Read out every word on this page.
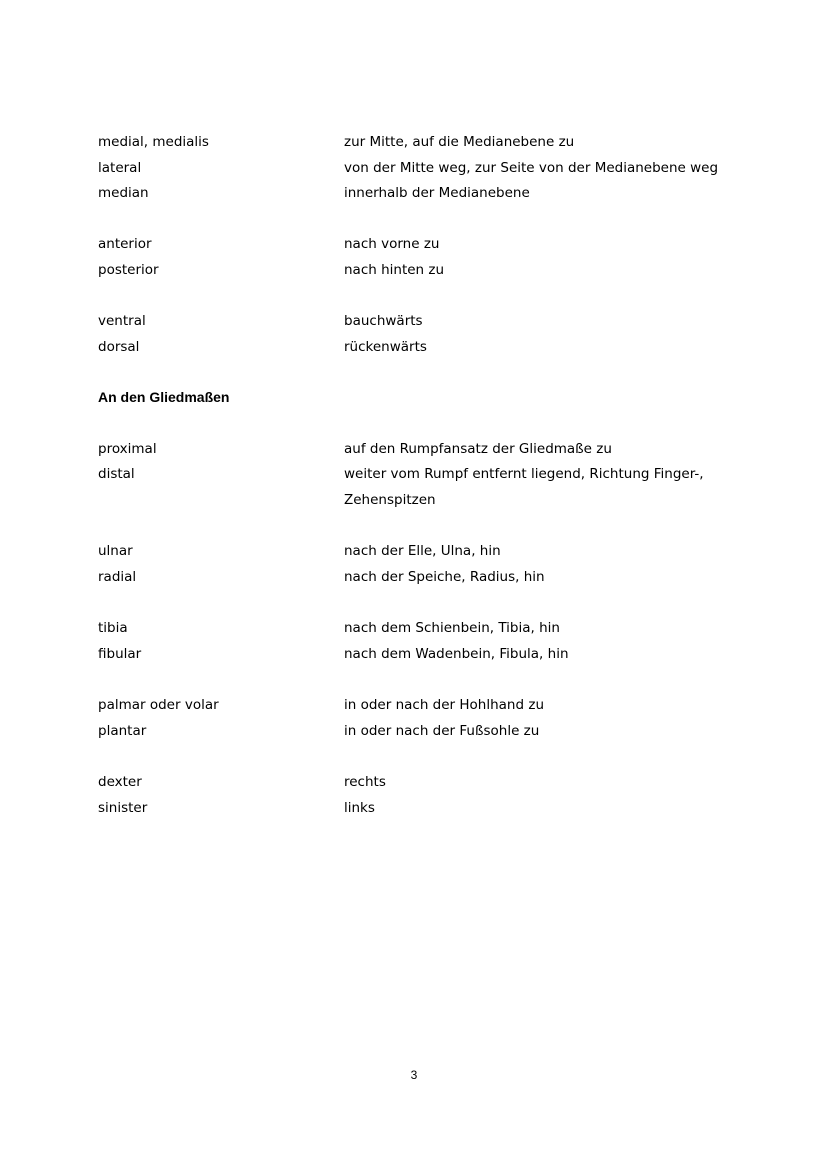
medial, medialis	zur Mitte, auf die Medianebene zu
lateral	von der Mitte weg, zur Seite von der Medianebene weg
median	innerhalb der Medianebene
anterior	nach vorne zu
posterior	nach hinten zu
ventral	bauchwärts
dorsal	rückenwärts
An den Gliedmaßen
proximal	auf den Rumpfansatz der Gliedmaße zu
distal	weiter vom Rumpf entfernt liegend, Richtung Finger-,
Zehenspitzen
ulnar	nach der Elle, Ulna, hin
radial	nach der Speiche, Radius, hin
tibia	nach dem Schienbein, Tibia, hin
fibular	nach dem Wadenbein, Fibula, hin
palmar oder volar	in oder nach der Hohlhand zu
plantar	in oder nach der Fußsohle zu
dexter	rechts
sinister	links
3
